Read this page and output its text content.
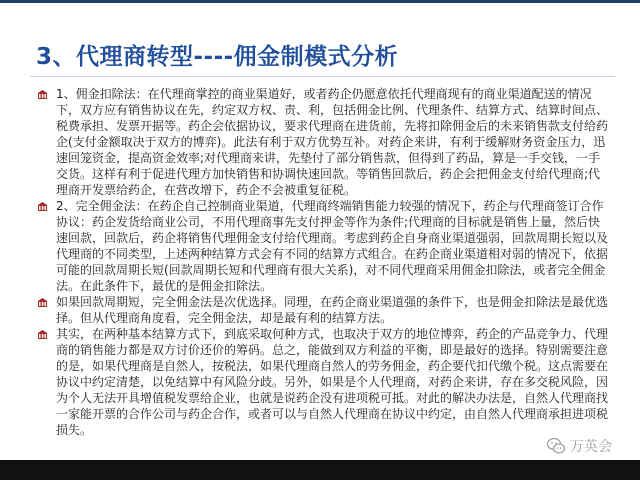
3、代理商转型----佣金制模式分析
1、佣金扣除法：在代理商掌控的商业渠道好，或者药企仍愿意依托代理商现有的商业渠道配送的情况下，双方应有销售协议在先，约定双方权、责、利，包括佣金比例、代理条件、结算方式、结算时间点、税费承担、发票开据等。药企会依据协议，要求代理商在进货前，先将扣除佣金后的未来销售款支付给药企(支付金额取决于双方的博弈)。此法有利于双方优势互补。对药企来讲，有利于缓解财务资金压力，迅速回笼资金，提高资金效率;对代理商来讲，先垫付了部分销售款，但得到了药品，算是一手交钱，一手交货。这样有利于促进代理方加快销售和协调快速回款。等销售回款后，药企会把佣金支付给代理商;代理商开发票给药企，在营改增下，药企不会被重复征税。
2、完全佣金法：在药企自己控制商业渠道，代理商终端销售能力较强的情况下，药企与代理商签订合作协议：药企发货给商业公司，不用代理商事先支付押金等作为条件;代理商的目标就是销售上量，然后快速回款，回款后，药企将销售代理佣金支付给代理商。考虑到药企自身商业渠道强弱，回款周期长短以及代理商的不同类型，上述两种结算方式会有不同的结算方式组合。在药企商业渠道相对弱的情况下，依据可能的回款周期长短(回款周期长短和代理商有很大关系)，对不同代理商采用佣金扣除法，或者完全佣金法。在此条件下，最优的是佣金扣除法。
如果回款周期短，完全佣金法是次优选择。同理，在药企商业渠道强的条件下，也是佣金扣除法是最优选择。但从代理商角度看，完全佣金法，却是最有利的结算方法。
其实，在两种基本结算方式下，到底采取何种方式，也取决于双方的地位博弈，药企的产品竞争力、代理商的销售能力都是双方讨价还价的筹码。总之，能做到双方利益的平衡，即是最好的选择。特别需要注意的是，如果代理商是自然人，按税法，如果代理商自然人的劳务佣金，药企要代扣代缴个税。这点需要在协议中约定清楚，以免结算中有风险分歧。另外，如果是个人代理商，对药企来讲，存在多交税风险，因为个人无法开具增值税发票给企业，也就是说药企没有进项税可抵。对此的解决办法是，自然人代理商找一家能开票的合作公司与药企合作，或者可以与自然人代理商在协议中约定，由自然人代理商承担进项税损失。
万英会
